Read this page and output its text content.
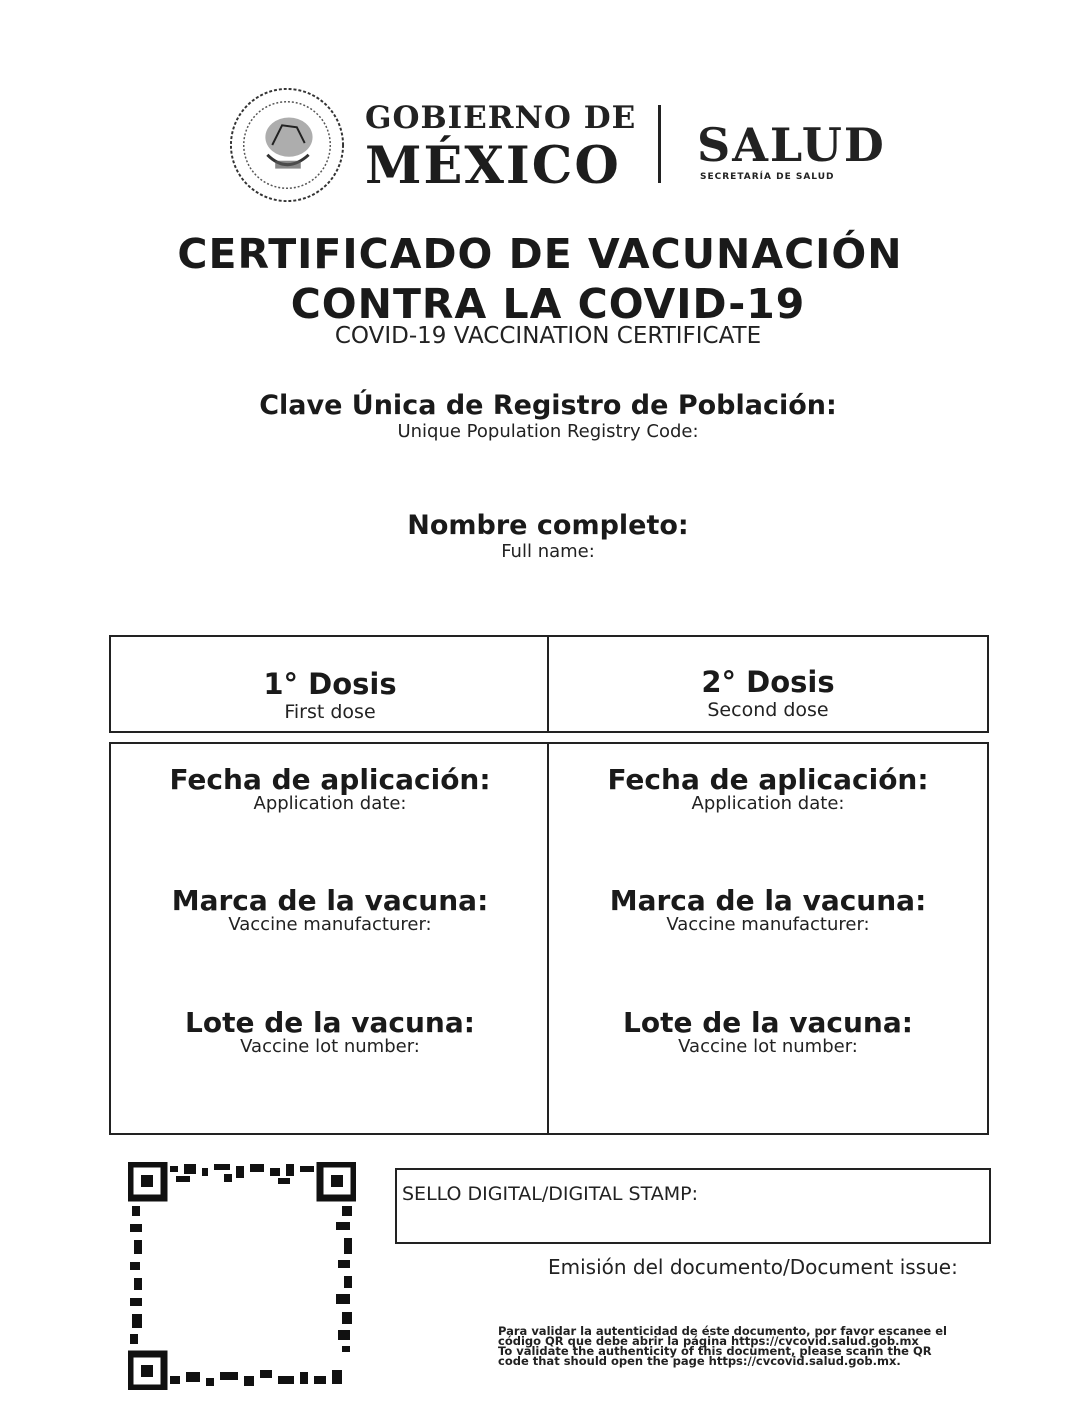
GOBIERNO DE
MÉXICO SALUD
SECRETARÍA DE SALUD
CERTIFICADO DE VACUNACIÓN
CONTRA LA COVID-19
COVID-19 VACCINATION CERTIFICATE
Clave Única de Registro de Población:
Unique Population Registry Code:
Nombre completo:
Full name:
1° Dosis
First dose
2° Dosis
Second dose
Fecha de aplicación:
Application date:
Marca de la vacuna:
Vaccine manufacturer:
Lote de la vacuna:
Vaccine lot number:
Fecha de aplicación:
Application date:
Marca de la vacuna:
Vaccine manufacturer:
Lote de la vacuna:
Vaccine lot number:
SELLO DIGITAL/DIGITAL STAMP:
Emisión del documento/Document issue:
Para validar la autenticidad de éste documento, por favor escanee el
código QR que debe abrir la página https://cvcovid.salud.gob.mx
To validate the authenticity of this document, please scann the QR
code that should open the page https://cvcovid.salud.gob.mx.
